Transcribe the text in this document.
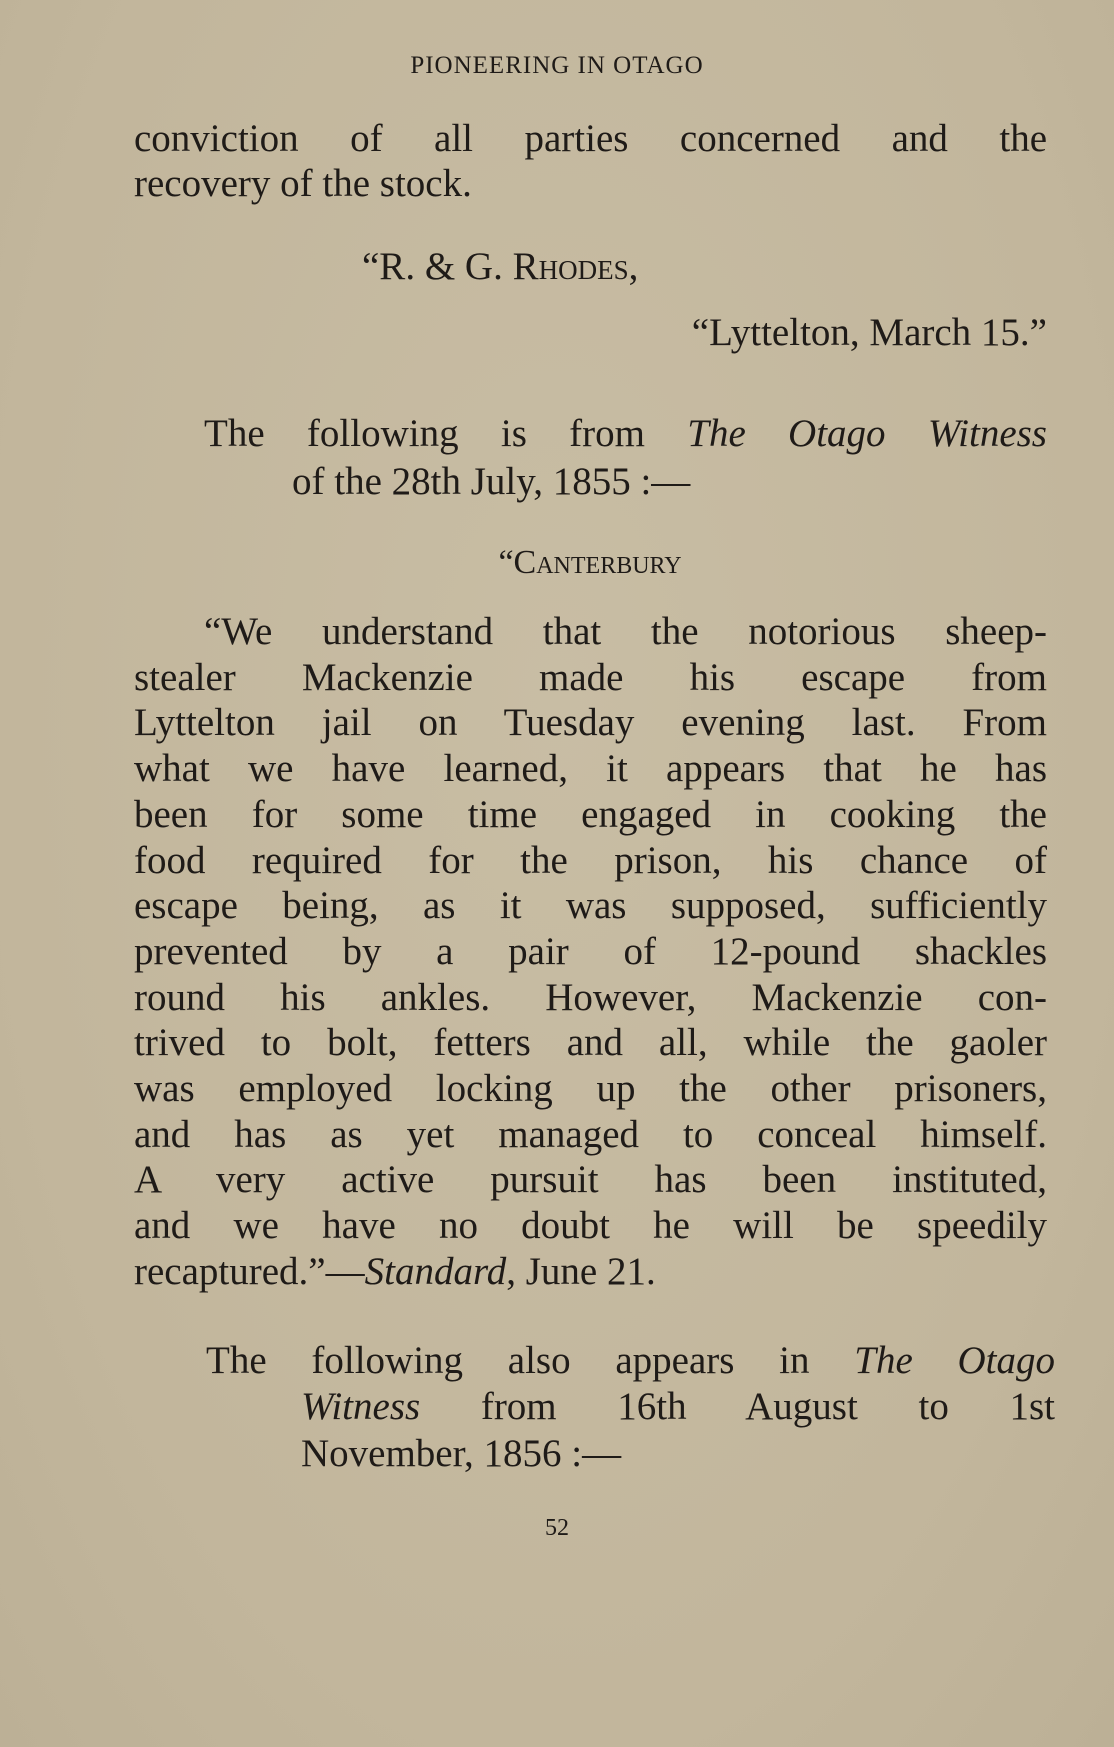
PIONEERING IN OTAGO
conviction of all parties concerned and the
recovery of the stock.
“R. & G. Rhodes,
“Lyttelton, March 15.”
The following is from The Otago Witness
of the 28th July, 1855 :—
“Canterbury
“We understand that the notorious sheep-
stealer Mackenzie made his escape from
Lyttelton jail on Tuesday evening last. From
what we have learned, it appears that he has
been for some time engaged in cooking the
food required for the prison, his chance of
escape being, as it was supposed, sufficiently
prevented by a pair of 12-pound shackles
round his ankles. However, Mackenzie con-
trived to bolt, fetters and all, while the gaoler
was employed locking up the other prisoners,
and has as yet managed to conceal himself.
A very active pursuit has been instituted,
and we have no doubt he will be speedily
recaptured.”—Standard, June 21.
The following also appears in The Otago
Witness from 16th August to 1st
November, 1856 :—
52
